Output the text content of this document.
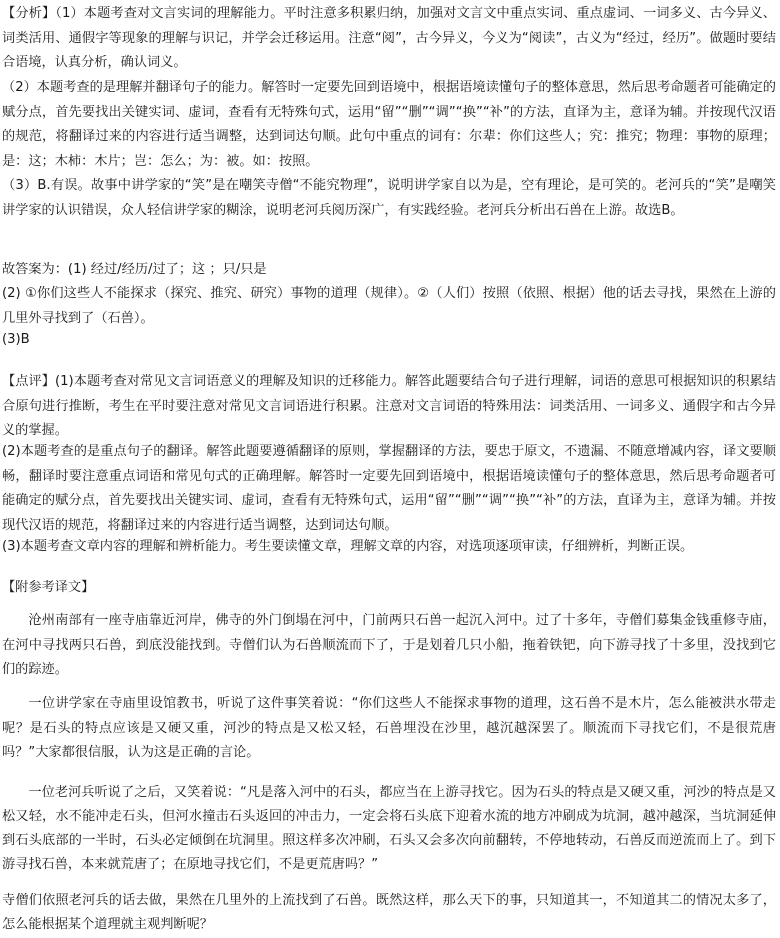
【分析】（1）本题考查对文言实词的理解能力。平时注意多积累归纳，加强对文言文中重点实词、重点虚词、一词多义、古今异义、词类活用、通假字等现象的理解与识记，并学会迁移运用。注意“阅”，古今异义，今义为“阅读”，古义为“经过，经历”。做题时要结合语境，认真分析，确认词义。

（2）本题考查的是理解并翻译句子的能力。解答时一定要先回到语境中，根据语境读懂句子的整体意思，然后思考命题者可能确定的赋分点，首先要找出关键实词、虚词，查看有无特殊句式，运用“留”“删”“调”“换”“补”的方法，直译为主，意译为辅。并按现代汉语的规范，将翻译过来的内容进行适当调整，达到词达句顺。此句中重点的词有：尔辈：你们这些人；究：推究；物理：事物的原理；是：这；木柿：木片；岂：怎么；为：被。如：按照。

（3）B.有误。故事中讲学家的“笑”是在嘲笑寺僧“不能究物理”，说明讲学家自以为是，空有理论，是可笑的。老河兵的“笑”是嘲笑讲学家的认识错误，众人轻信讲学家的糊涂，说明老河兵阅历深广，有实践经验。老河兵分析出石兽在上游。故选B。

故答案为：(1) 经过/经历/过了；这 ；只/只是

(2) ①你们这些人不能探求（探究、推究、研究）事物的道理（规律）。②（人们）按照（依照、根据）他的话去寻找，果然在上游的几里外寻找到了（石兽）。

(3)B

【点评】(1)本题考查对常见文言词语意义的理解及知识的迁移能力。解答此题要结合句子进行理解，词语的意思可根据知识的积累结合原句进行推断，考生在平时要注意对常见文言词语进行积累。注意对文言词语的特殊用法：词类活用、一词多义、通假字和古今异义的掌握。

(2)本题考查的是重点句子的翻译。解答此题要遵循翻译的原则，掌握翻译的方法，要忠于原文，不遗漏、不随意增减内容，译文要顺畅，翻译时要注意重点词语和常见句式的正确理解。解答时一定要先回到语境中，根据语境读懂句子的整体意思，然后思考命题者可能确定的赋分点，首先要找出关键实词、虚词，查看有无特殊句式，运用“留”“删”“调”“换”“补”的方法，直译为主，意译为辅。并按现代汉语的规范，将翻译过来的内容进行适当调整，达到词达句顺。

(3)本题考查文章内容的理解和辨析能力。考生要读懂文章，理解文章的内容，对选项逐项审读，仔细辨析，判断正误。

【附参考译文】

沧州南部有一座寺庙靠近河岸，佛寺的外门倒塌在河中，门前两只石兽一起沉入河中。过了十多年，寺僧们募集金钱重修寺庙，在河中寻找两只石兽，到底没能找到。寺僧们认为石兽顺流而下了，于是划着几只小船，拖着铁钯，向下游寻找了十多里，没找到它们的踪迹。

一位讲学家在寺庙里设馆教书，听说了这件事笑着说：“你们这些人不能探求事物的道理，这石兽不是木片，怎么能被洪水带走呢？是石头的特点应该是又硬又重，河沙的特点是又松又轻，石兽埋没在沙里，越沉越深罢了。顺流而下寻找它们，不是很荒唐吗？”大家都很信服，认为这是正确的言论。

一位老河兵听说了之后，又笑着说：“凡是落入河中的石头，都应当在上游寻找它。因为石头的特点是又硬又重，河沙的特点是又松又轻，水不能冲走石头，但河水撞击石头返回的冲击力，一定会将石头底下迎着水流的地方冲刷成为坑洞，越冲越深，当坑洞延伸到石头底部的一半时，石头必定倾倒在坑洞里。照这样多次冲刷，石头又会多次向前翻转，不停地转动，石兽反而逆流而上了。到下游寻找石兽，本来就荒唐了；在原地寻找它们，不是更荒唐吗？”

寺僧们依照老河兵的话去做，果然在几里外的上流找到了石兽。既然这样，那么天下的事，只知道其一，不知道其二的情况太多了，怎么能根据某个道理就主观判断呢？
